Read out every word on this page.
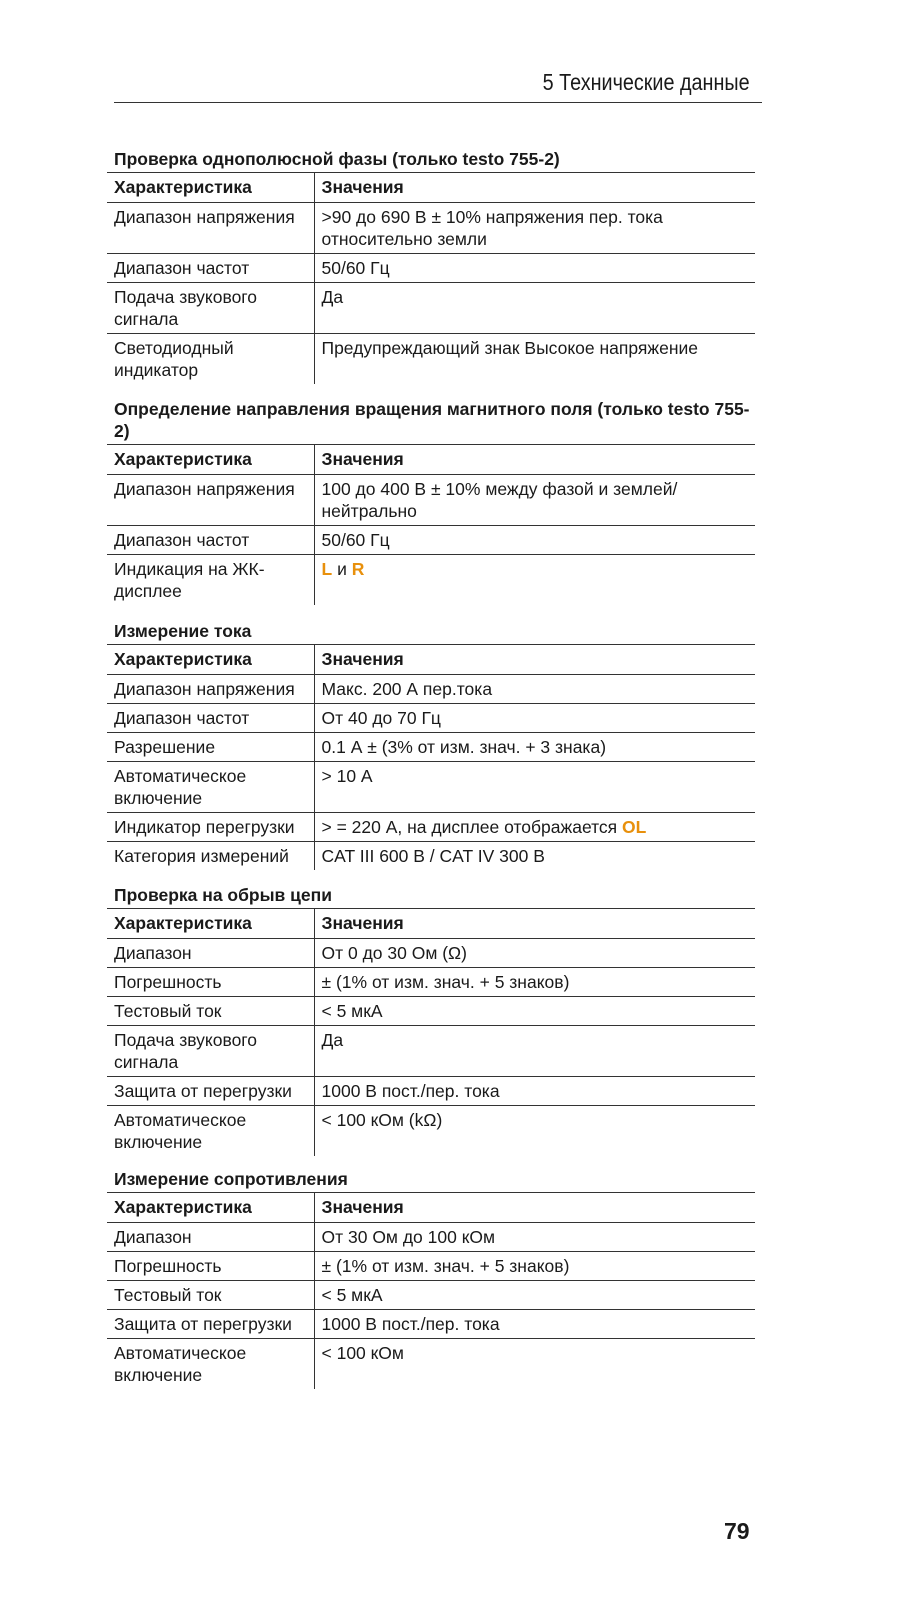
5 Технические данные
Проверка однополюсной фазы (только testo 755-2)
Характеристика	Значения
Диапазон напряжения	>90 до 690 В ± 10% напряжения пер. тока относительно земли
Диапазон частот	50/60 Гц
Подача звукового сигнала	Да
Светодиодный индикатор	Предупреждающий знак Высокое напряжение
Определение направления вращения магнитного поля (только testo 755-2)
Характеристика	Значения
Диапазон напряжения	100 до 400 В ± 10% между фазой и землей/нейтрально
Диапазон частот	50/60 Гц
Индикация на ЖК-дисплее	L и R
Измерение тока
Характеристика	Значения
Диапазон напряжения	Макс. 200 А пер.тока
Диапазон частот	От 40 до 70 Гц
Разрешение	0.1 А ± (3% от изм. знач. + 3 знака)
Автоматическое включение	> 10 А
Индикатор перегрузки	> = 220 А, на дисплее отображается OL
Категория измерений	CAT III 600 В / CAT IV 300 В
Проверка на обрыв цепи
Характеристика	Значения
Диапазон	От 0 до 30 Ом (Ω)
Погрешность	± (1% от изм. знач. + 5 знаков)
Тестовый ток	< 5 мкА
Подача звукового сигнала	Да
Защита от перегрузки	1000 В пост./пер. тока
Автоматическое включение	< 100 кОм (kΩ)
Измерение сопротивления
Характеристика	Значения
Диапазон	От 30 Ом до 100 кОм
Погрешность	± (1% от изм. знач. + 5 знаков)
Тестовый ток	< 5 мкА
Защита от перегрузки	1000 В пост./пер. тока
Автоматическое включение	< 100 кОм
79
